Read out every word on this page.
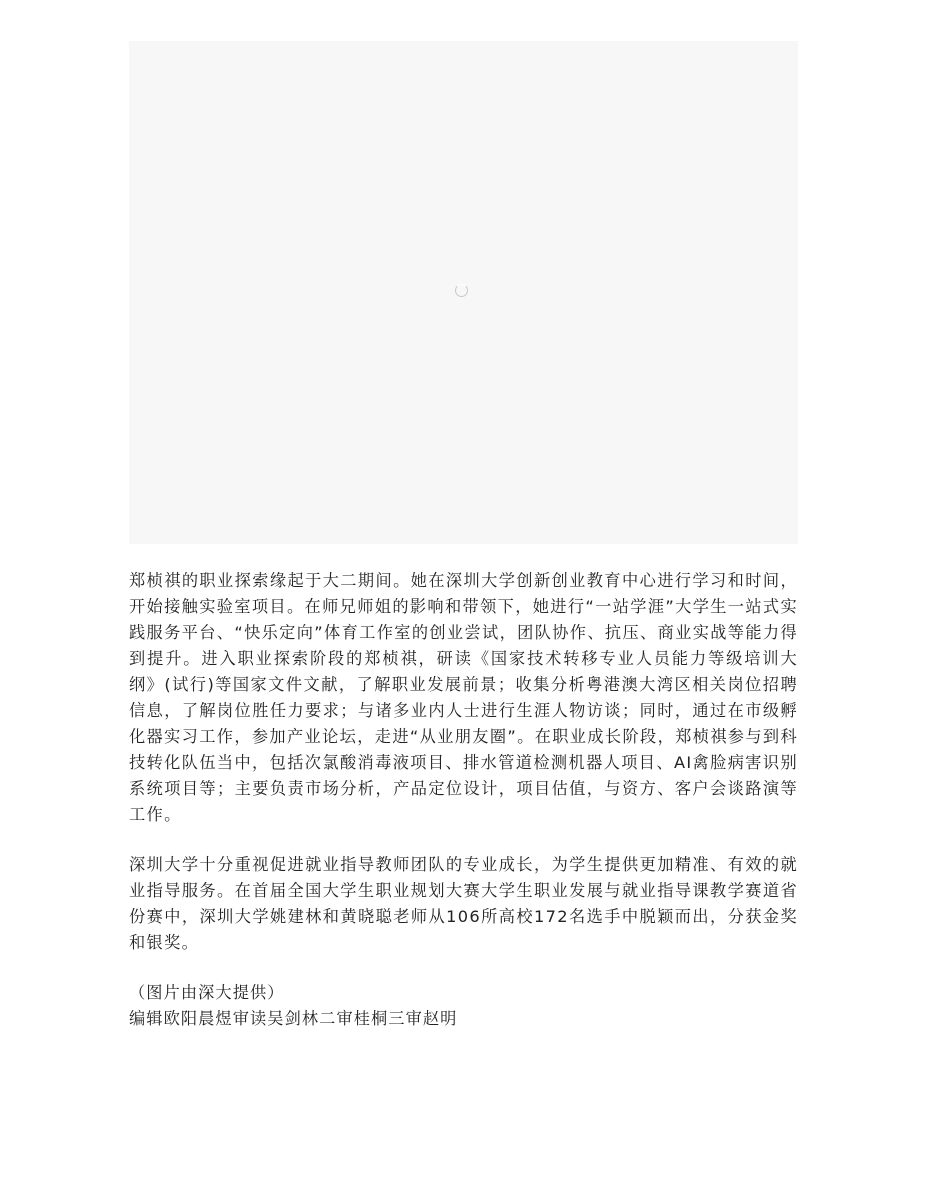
郑桢祺的职业探索缘起于大二期间。她在深圳大学创新创业教育中心进行学习和时间，开始接触实验室项目。在师兄师姐的影响和带领下，她进行“一站学涯”大学生一站式实践服务平台、“快乐定向”体育工作室的创业尝试，团队协作、抗压、商业实战等能力得到提升。进入职业探索阶段的郑桢祺，研读《国家技术转移专业人员能力等级培训大纲》(试行)等国家文件文献，了解职业发展前景；收集分析粤港澳大湾区相关岗位招聘信息，了解岗位胜任力要求；与诸多业内人士进行生涯人物访谈；同时，通过在市级孵化器实习工作，参加产业论坛，走进“从业朋友圈”。在职业成长阶段，郑桢祺参与到科技转化队伍当中，包括次氯酸消毒液项目、排水管道检测机器人项目、AI禽脸病害识别系统项目等；主要负责市场分析，产品定位设计，项目估值，与资方、客户会谈路演等工作。

深圳大学十分重视促进就业指导教师团队的专业成长，为学生提供更加精准、有效的就业指导服务。在首届全国大学生职业规划大赛大学生职业发展与就业指导课教学赛道省份赛中，深圳大学姚建林和黄晓聪老师从106所高校172名选手中脱颖而出，分获金奖和银奖。

（图片由深大提供）

编辑欧阳晨煜审读吴剑林二审桂桐三审赵明
